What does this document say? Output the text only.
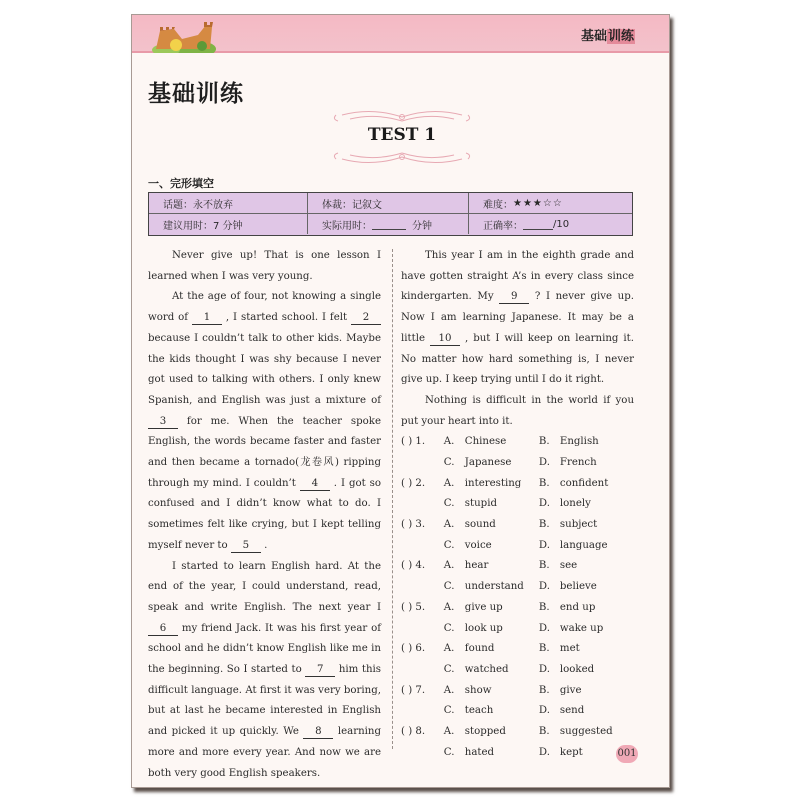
基础训练
基础训练
TEST 1
一、完形填空
话题：永不放弃	体裁：记叙文	难度： ★★★☆☆
建议用时：7 分钟	实际用时：	分钟	正确率：	/10

Never give up! That is one lesson I learned when I was very young.

At the age of four, not knowing a single word of 1 , I started school. I felt 2 because I couldn’t talk to other kids. Maybe the kids thought I was shy because I never got used to talking with others. I only knew Spanish, and English was just a mixture of 3 for me. When the teacher spoke English, the words became faster and faster and then became a tornado(龙卷风) ripping through my mind. I couldn’t 4 . I got so confused and I didn’t know what to do. I sometimes felt like crying, but I kept telling myself never to 5 .

I started to learn English hard. At the end of the year, I could understand, read, speak and write English. The next year I 6 my friend Jack. It was his first year of school and he didn’t know English like me in the beginning. So I started to 7 him this difficult language. At first it was very boring, but at last he became interested in English and picked it up quickly. We 8 learning more and more every year. And now we are both very good English speakers.

This year I am in the eighth grade and have gotten straight A’s in every class since kindergarten. My 9 ? I never give up. Now I am learning Japanese. It may be a little 10 , but I will keep on learning it. No matter how hard something is, I never give up. I keep trying until I do it right.

Nothing is difficult in the world if you put your heart into it.

( ) 1.	A. Chinese	B. English
C. Japanese	D. French
( ) 2.	A. interesting	B. confident
C. stupid	D. lonely
( ) 3.	A. sound	B. subject
C. voice	D. language
( ) 4.	A. hear	B. see
C. understand	D. believe
( ) 5.	A. give up	B. end up
C. look up	D. wake up
( ) 6.	A. found	B. met
C. watched	D. looked
( ) 7.	A. show	B. give
C. teach	D. send
( ) 8.	A. stopped	B. suggested
C. hated	D. kept	001
